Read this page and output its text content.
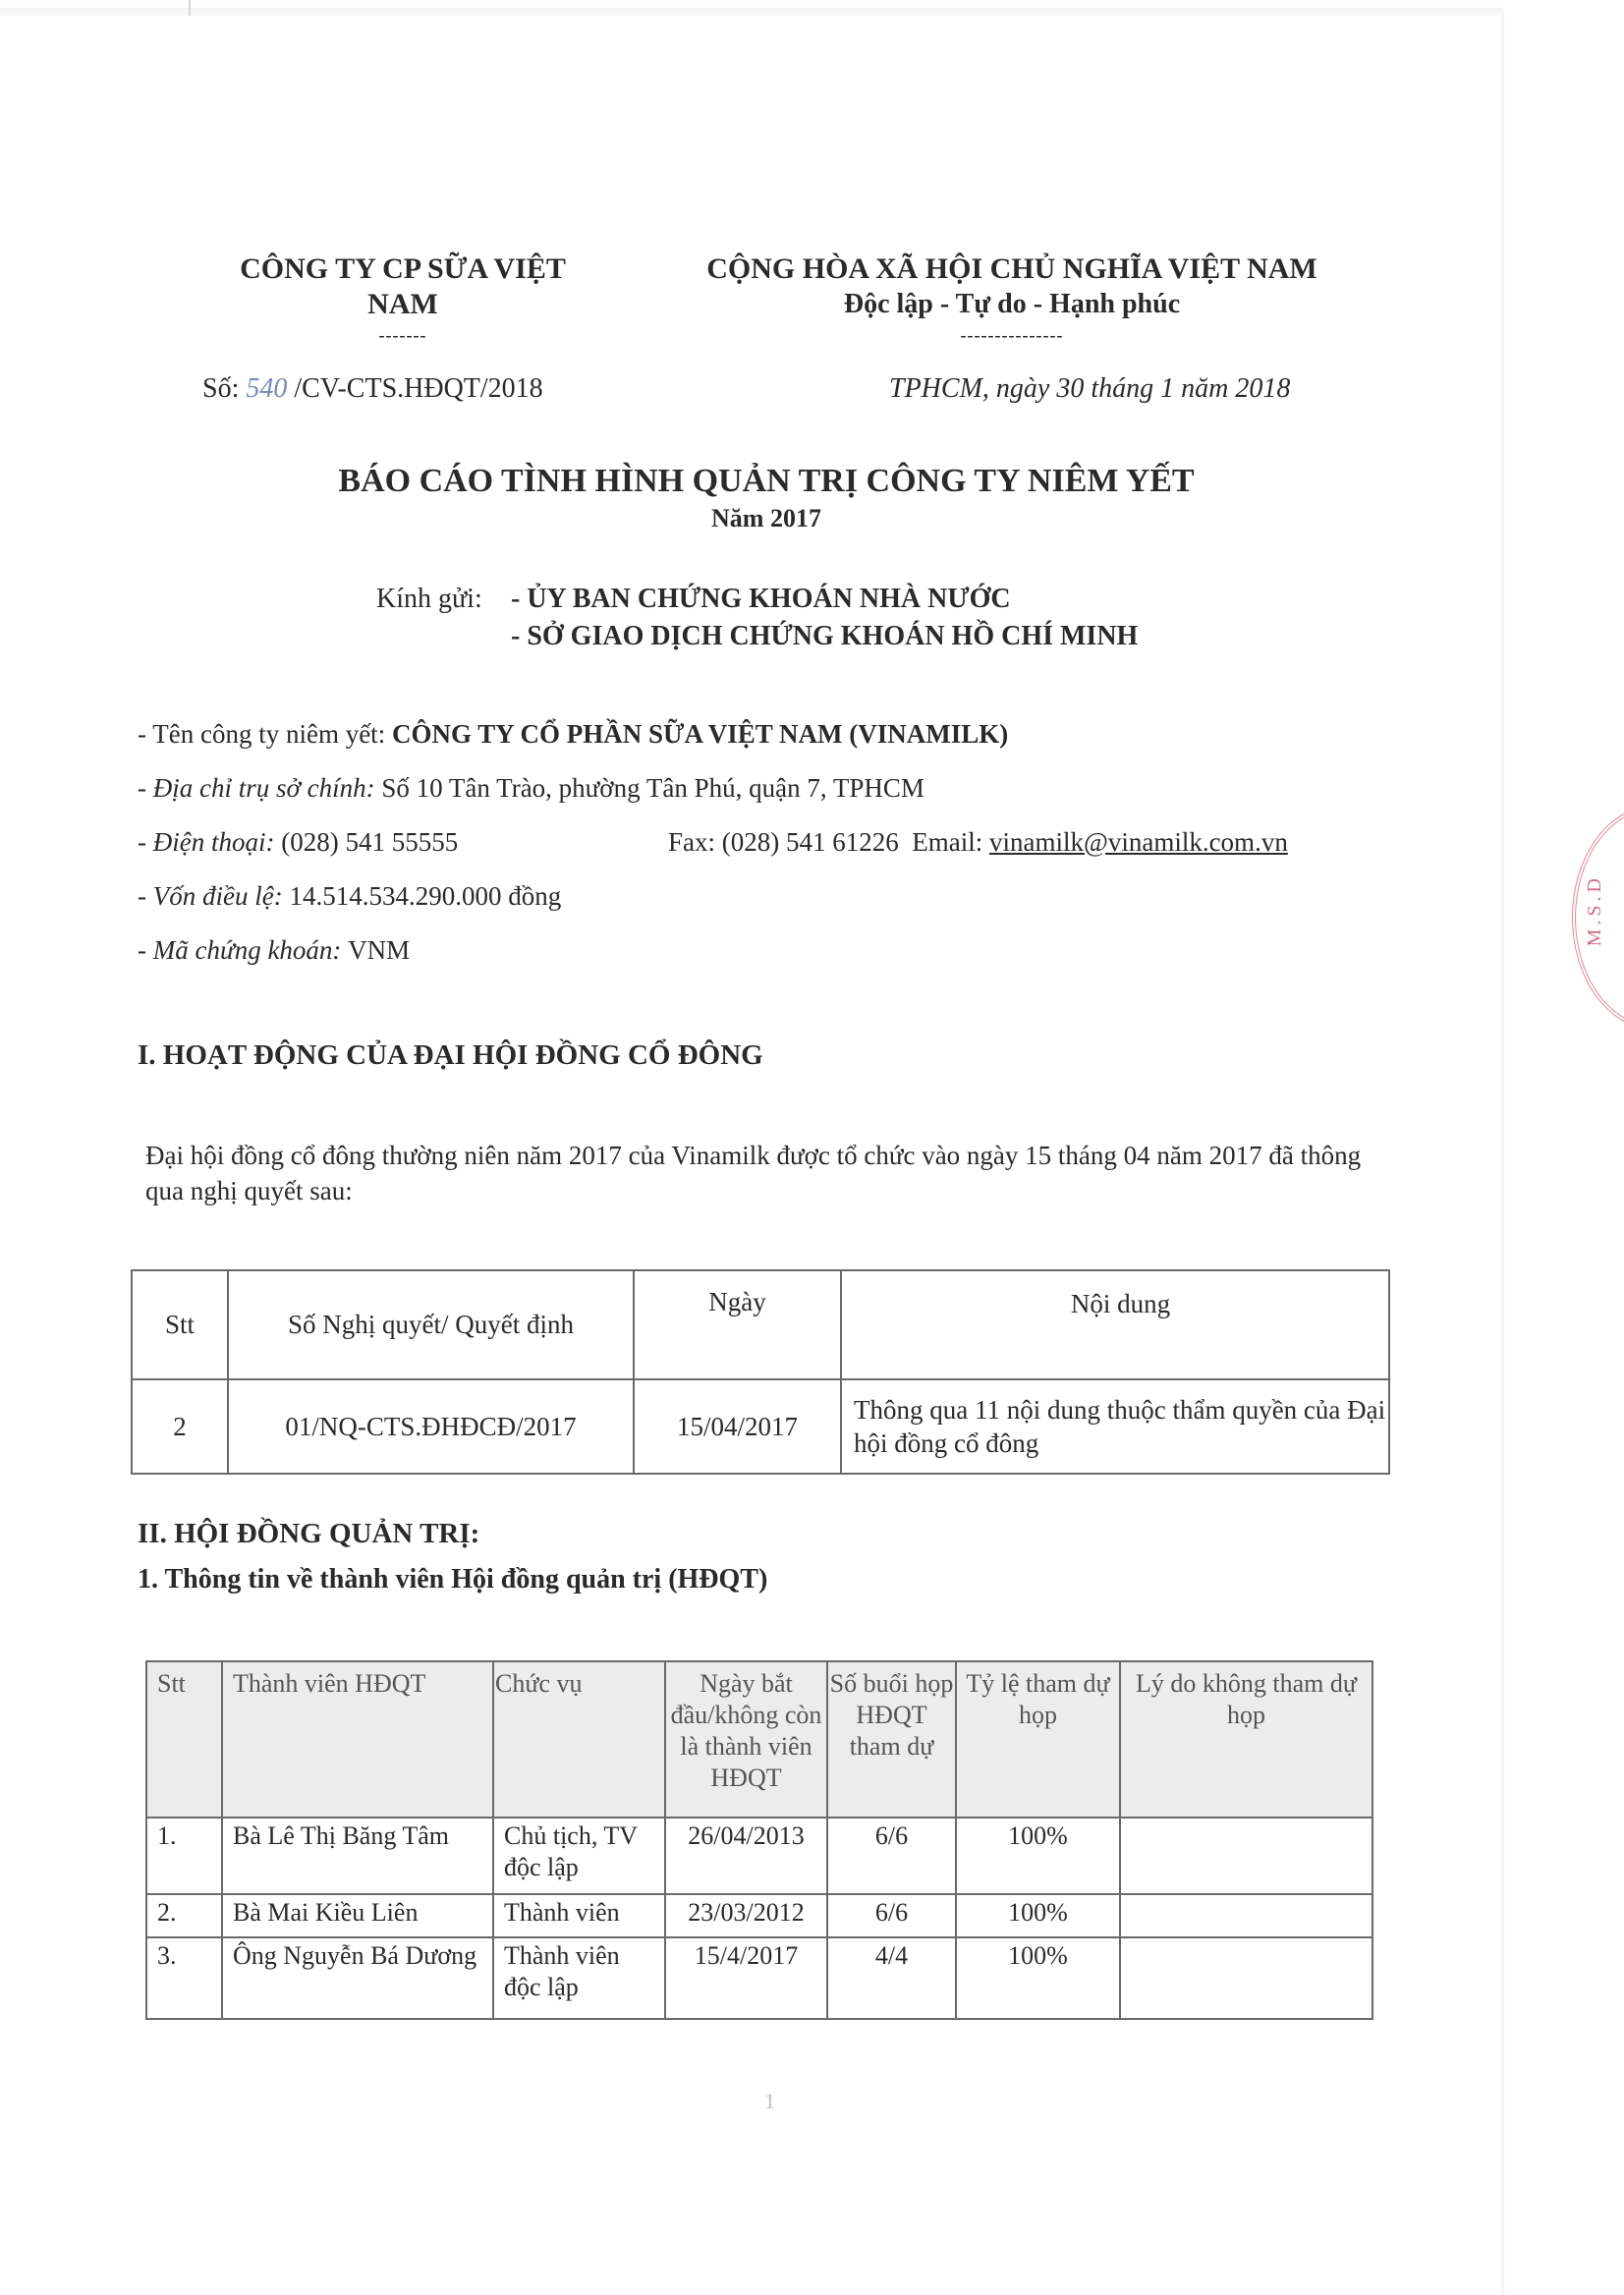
CÔNG TY CP SỮA VIỆT
NAM
-------
CỘNG HÒA XÃ HỘI CHỦ NGHĨA VIỆT NAM
Độc lập - Tự do - Hạnh phúc
---------------
Số: 540 /CV-CTS.HĐQT/2018	TPHCM, ngày 30 tháng 1 năm 2018
BÁO CÁO TÌNH HÌNH QUẢN TRỊ CÔNG TY NIÊM YẾT
Năm 2017
Kính gửi: - ỦY BAN CHỨNG KHOÁN NHÀ NƯỚC
- SỞ GIAO DỊCH CHỨNG KHOÁN HỒ CHÍ MINH
- Tên công ty niêm yết: CÔNG TY CỔ PHẦN SỮA VIỆT NAM (VINAMILK)
- Địa chỉ trụ sở chính: Số 10 Tân Trào, phường Tân Phú, quận 7, TPHCM
- Điện thoại: (028) 541 55555	Fax: (028) 541 61226 Email: vinamilk@vinamilk.com.vn
- Vốn điều lệ: 14.514.534.290.000 đồng
- Mã chứng khoán: VNM
I. HOẠT ĐỘNG CỦA ĐẠI HỘI ĐỒNG CỔ ĐÔNG
Đại hội đồng cổ đông thường niên năm 2017 của Vinamilk được tổ chức vào ngày 15 tháng 04 năm 2017 đã thông qua nghị quyết sau:
Stt	Số Nghị quyết/ Quyết định	Ngày	Nội dung
2	01/NQ-CTS.ĐHĐCĐ/2017	15/04/2017	Thông qua 11 nội dung thuộc thẩm quyền của Đại hội đồng cổ đông
II. HỘI ĐỒNG QUẢN TRỊ:
1. Thông tin về thành viên Hội đồng quản trị (HĐQT)
Stt	Thành viên HĐQT	Chức vụ	Ngày bắt đầu/không còn là thành viên HĐQT	Số buổi họp HĐQT tham dự	Tỷ lệ tham dự họp	Lý do không tham dự họp
1.	Bà Lê Thị Băng Tâm	Chủ tịch, TV độc lập	26/04/2013	6/6	100%	
2.	Bà Mai Kiều Liên	Thành viên	23/03/2012	6/6	100%	
3.	Ông Nguyễn Bá Dương	Thành viên độc lập	15/4/2017	4/4	100%	
1
M.S.D
